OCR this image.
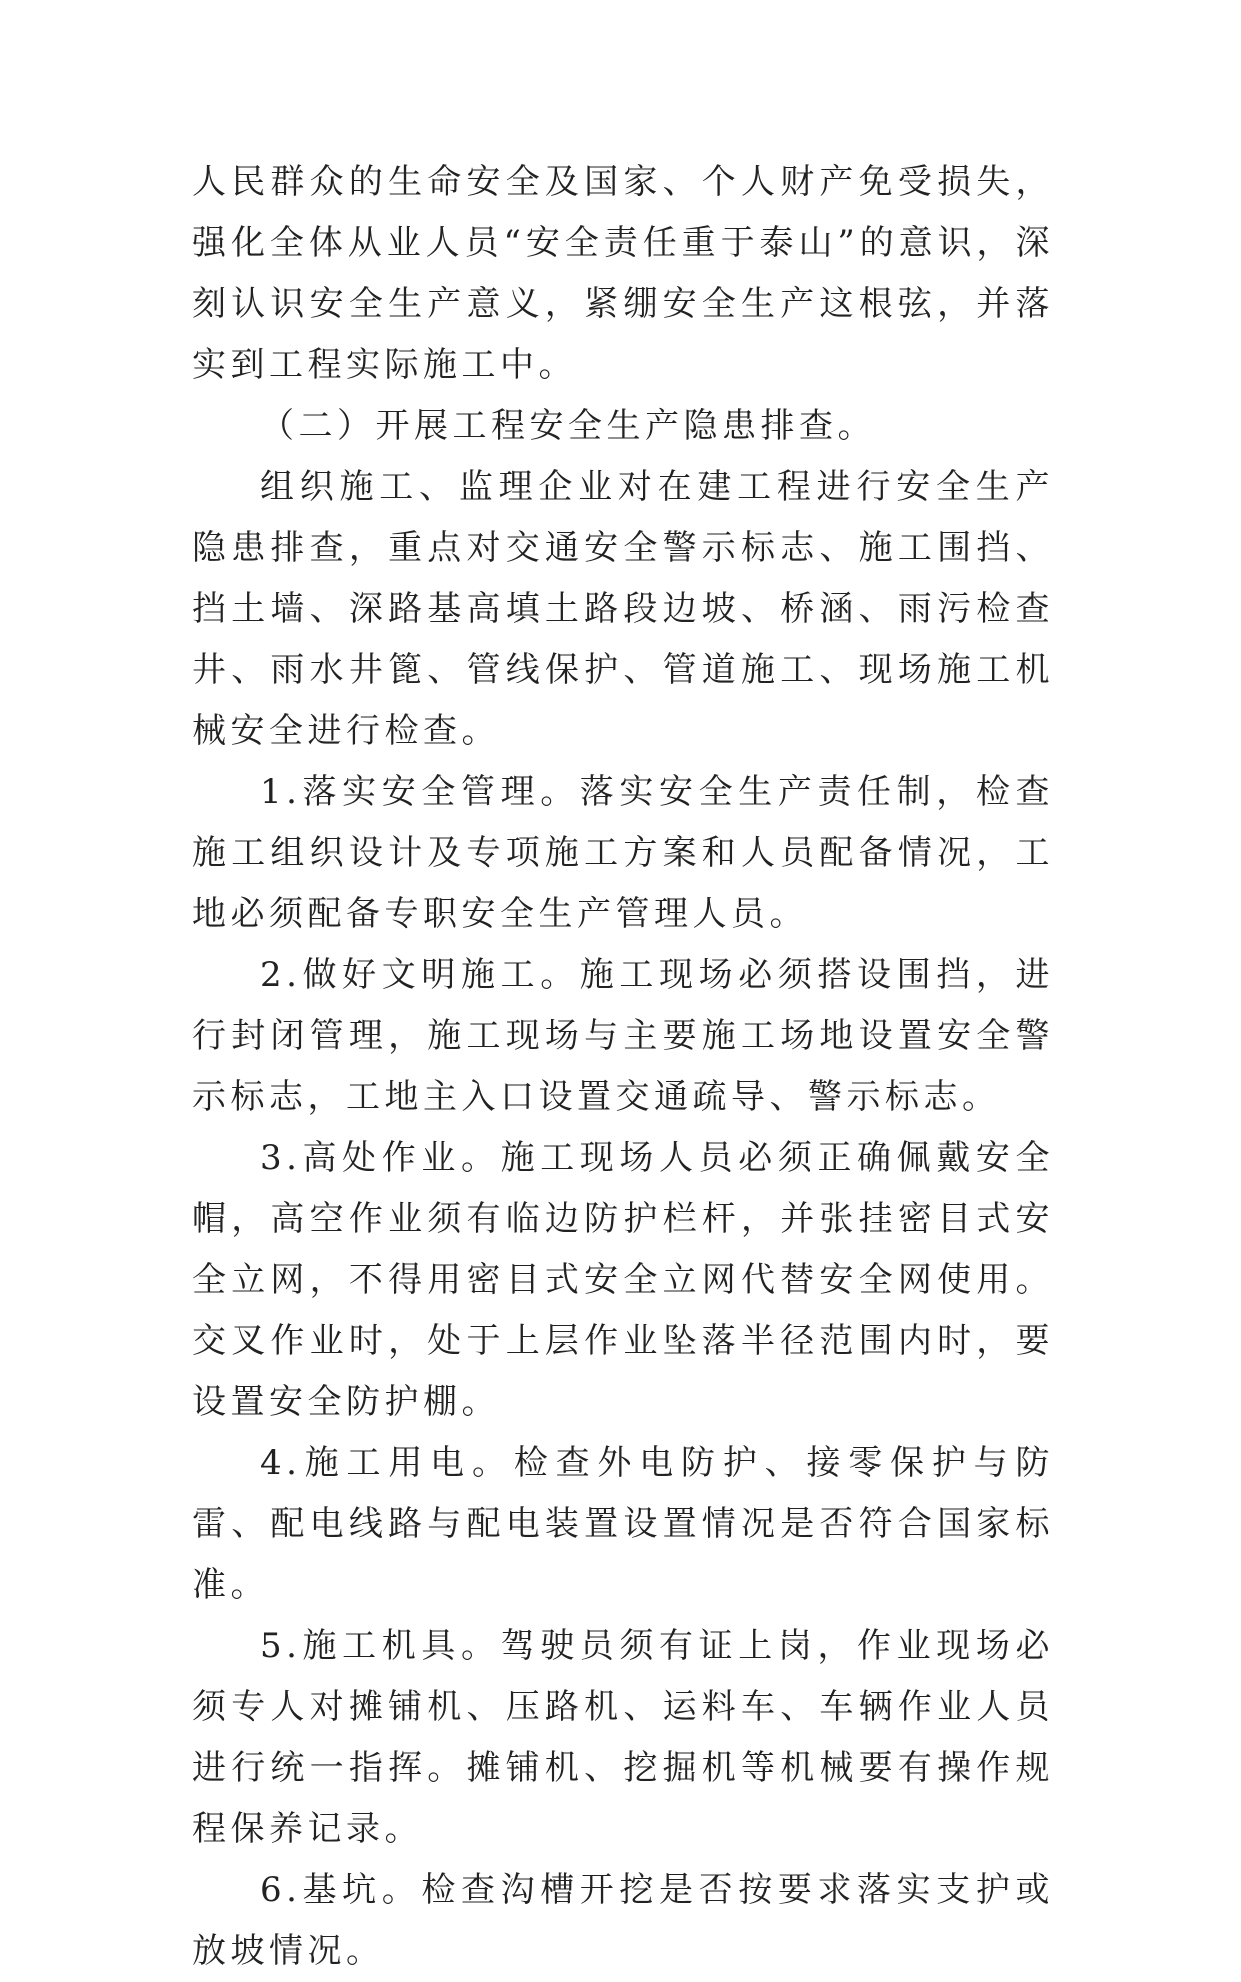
人民群众的生命安全及国家、个人财产免受损失，强化全体从业人员“安全责任重于泰山”的意识，深刻认识安全生产意义，紧绷安全生产这根弦，并落实到工程实际施工中。

（二）开展工程安全生产隐患排查。

组织施工、监理企业对在建工程进行安全生产隐患排查，重点对交通安全警示标志、施工围挡、挡土墙、深路基高填土路段边坡、桥涵、雨污检查井、雨水井篦、管线保护、管道施工、现场施工机械安全进行检查。

1.落实安全管理。落实安全生产责任制，检查施工组织设计及专项施工方案和人员配备情况，工地必须配备专职安全生产管理人员。

2.做好文明施工。施工现场必须搭设围挡，进行封闭管理，施工现场与主要施工场地设置安全警示标志，工地主入口设置交通疏导、警示标志。

3.高处作业。施工现场人员必须正确佩戴安全帽，高空作业须有临边防护栏杆，并张挂密目式安全立网，不得用密目式安全立网代替安全网使用。交叉作业时，处于上层作业坠落半径范围内时，要设置安全防护棚。

4.施工用电。检查外电防护、接零保护与防雷、配电线路与配电装置设置情况是否符合国家标准。

5.施工机具。驾驶员须有证上岗，作业现场必须专人对摊铺机、压路机、运料车、车辆作业人员进行统一指挥。摊铺机、挖掘机等机械要有操作规程保养记录。

6.基坑。检查沟槽开挖是否按要求落实支护或放坡情况。
